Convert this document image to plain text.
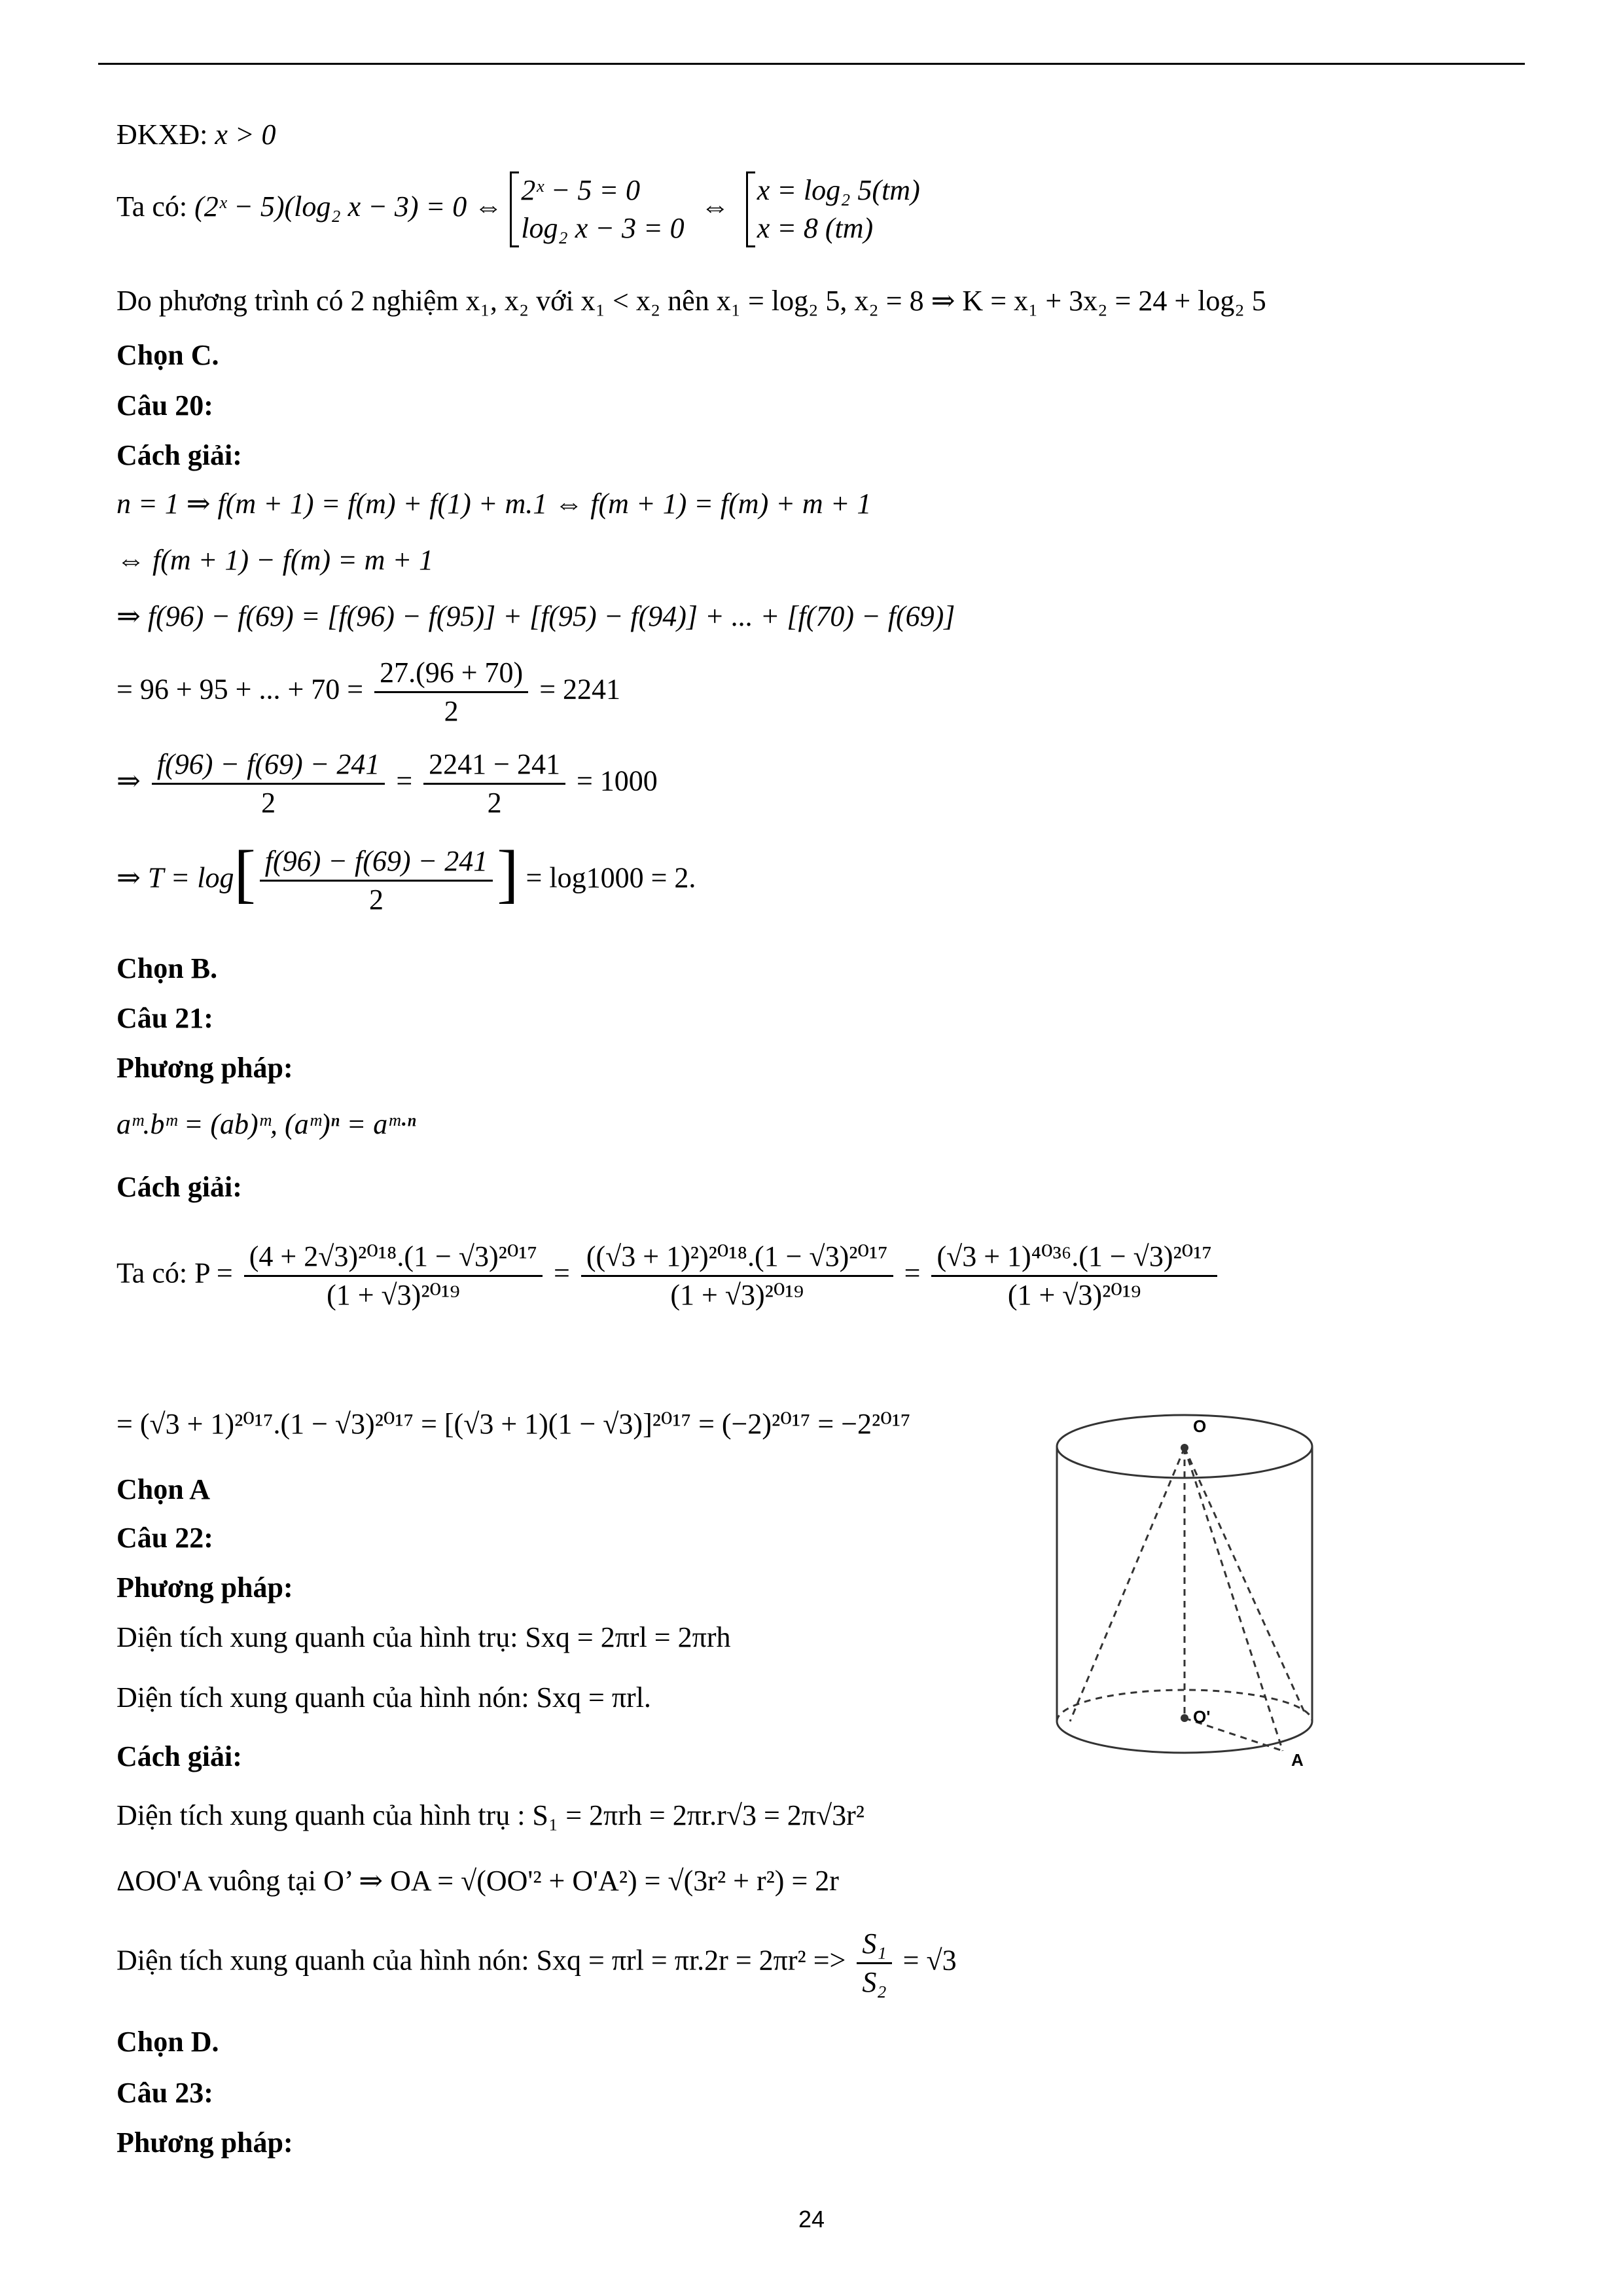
ĐKXĐ: x > 0
Ta có: (2ˣ − 5)(log₂ x − 3) = 0 ⇔
2ˣ − 5 = 0
log₂ x − 3 = 0
⇔
x = log₂ 5(tm)
x = 8 (tm)
Do phương trình có 2 nghiệm x₁, x₂ với x₁ < x₂ nên x₁ = log₂ 5, x₂ = 8 ⇒ K = x₁ + 3x₂ = 24 + log₂ 5
Chọn C.
Câu 20:
Cách giải:
n = 1 ⇒ f(m + 1) = f(m) + f(1) + m.1 ⇔ f(m + 1) = f(m) + m + 1
⇔ f(m + 1) − f(m) = m + 1
⇒ f(96) − f(69) = [f(96) − f(95)] + [f(95) − f(94)] + ... + [f(70) − f(69)]
= 96 + 95 + ... + $70 = \frac{27.(96 + 70)}{2} = 2241$
⇒ $\frac{f(96) - f(69) - 241}{2} = \frac{2241 - 241}{2} = 1000$
⇒ $T = \log[ \frac{f(96) - f(69) - 241}{2}$ ] = log1000 = 2.
Chọn B.
Câu 21:
Phương pháp:
aᵐ.bᵐ = (ab)ᵐ, (aᵐ)ⁿ = aᵐ·ⁿ
Cách giải:
Ta có: $P = \frac{\text{(4 + 2√3)²⁰¹⁸.(1 − √3)²⁰¹⁷}}{\text{(1 + √3)²⁰¹⁹}} = \frac{\text{((√3 + 1)²)²⁰¹⁸.(1 − √3)²⁰¹⁷}}{\text{(1 + √3)²⁰¹⁹}} = \frac{\text{(√3 + 1)⁴⁰³⁶.(1 − √3)²⁰¹⁷}}{\text{(1 + √3)²⁰¹⁹}}$
= (√3 + 1)²⁰¹⁷.(1 − √3)²⁰¹⁷ = [(√3 + 1)(1 − √3)]²⁰¹⁷ = (−2)²⁰¹⁷ = −2²⁰¹⁷
Chọn A
Câu 22:
Phương pháp:
Diện tích xung quanh của hình trụ: Sxq = 2πrl = 2πrh
Diện tích xung quanh của hình nón: Sxq = πrl.
Cách giải:
Diện tích xung quanh của hình trụ : S₁ = 2πrh = 2πr.r√3 = 2π√3r²
ΔOO'A vuông tại O’ ⇒ OA = √(OO'² + O'A²) = √(3r² + r²) = 2r
Diện tích xung quanh của hình nón: Sxq = $\pi rl = \pi r.2r = 2\pi r^2 => \frac{\text{S₁}}{\text{S₂}} = √3$
Chọn D.
Câu 23:
Phương pháp:
O
O'
A
24
